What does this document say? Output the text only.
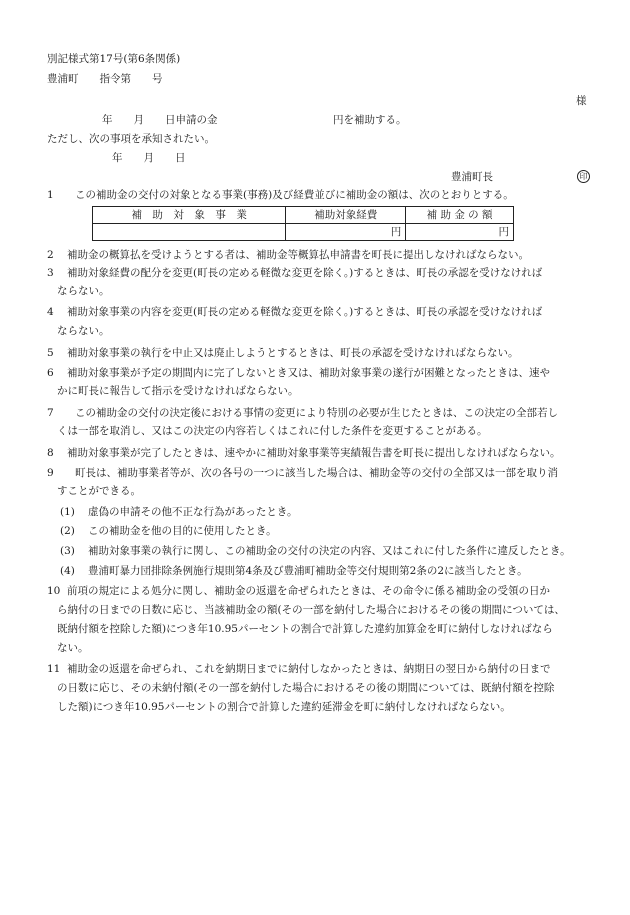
別記様式第17号(第6条関係)
豊浦町　　指令第　　号
様
年　　月　　日申請の金　　　　　　　　　　　円を補助する。
ただし、次の事項を承知されたい。
年　　月　　日
豊浦町長	印
1 この補助金の交付の対象となる事業(事務)及び経費並びに補助金の額は、次のとおりとする。
補　助　対　象　事　業	補助対象経費	補 助 金 の 額
	円	円
2 補助金の概算払を受けようとする者は、補助金等概算払申請書を町長に提出しなければならない。
3 補助対象経費の配分を変更(町長の定める軽微な変更を除く。)するときは、町長の承認を受けなければ
ならない。
4 補助対象事業の内容を変更(町長の定める軽微な変更を除く。)するときは、町長の承認を受けなければ
ならない。
5 補助対象事業の執行を中止又は廃止しようとするときは、町長の承認を受けなければならない。
6 補助対象事業が予定の期間内に完了しないとき又は、補助対象事業の遂行が困難となったときは、速や
かに町長に報告して指示を受けなければならない。
7 この補助金の交付の決定後における事情の変更により特別の必要が生じたときは、この決定の全部若し
くは一部を取消し、又はこの決定の内容若しくはこれに付した条件を変更することがある。
8 補助対象事業が完了したときは、速やかに補助対象事業等実績報告書を町長に提出しなければならない。
9 町長は、補助事業者等が、次の各号の一つに該当した場合は、補助金等の交付の全部又は一部を取り消
すことができる。
(1) 虚偽の申請その他不正な行為があったとき。
(2) この補助金を他の目的に使用したとき。
(3) 補助対象事業の執行に関し、この補助金の交付の決定の内容、又はこれに付した条件に違反したとき。
(4) 豊浦町暴力団排除条例施行規則第4条及び豊浦町補助金等交付規則第2条の2に該当したとき。
10 前項の規定による処分に関し、補助金の返還を命ぜられたときは、その命令に係る補助金の受領の日か
ら納付の日までの日数に応じ、当該補助金の額(その一部を納付した場合におけるその後の期間については、
既納付額を控除した額)につき年10.95パーセントの割合で計算した違約加算金を町に納付しなければなら
ない。
11 補助金の返還を命ぜられ、これを納期日までに納付しなかったときは、納期日の翌日から納付の日まで
の日数に応じ、その未納付額(その一部を納付した場合におけるその後の期間については、既納付額を控除
した額)につき年10.95パーセントの割合で計算した違約延滞金を町に納付しなければならない。
